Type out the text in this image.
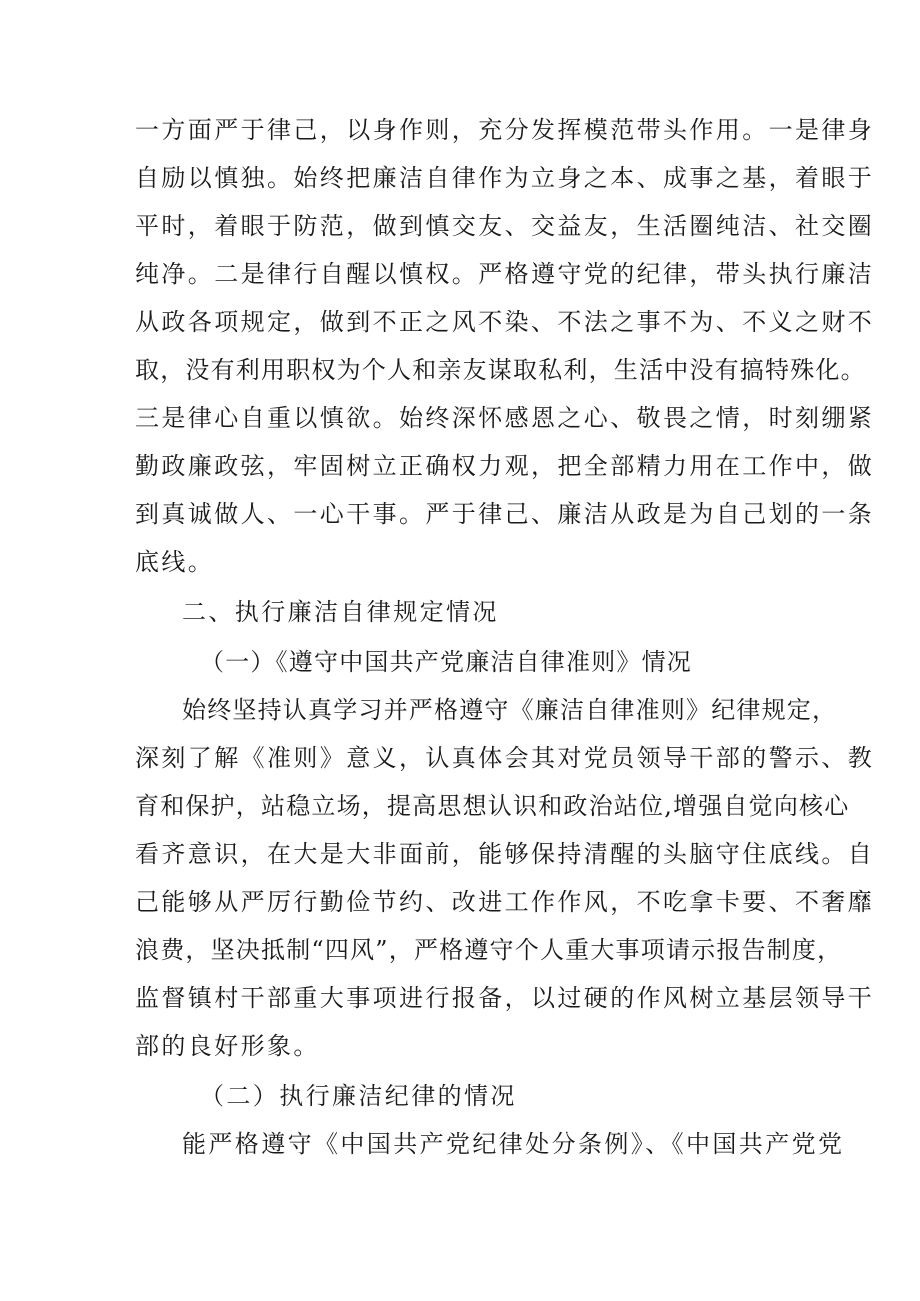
一方面严于律己，以身作则，充分发挥模范带头作用。一是律身
自励以慎独。始终把廉洁自律作为立身之本、成事之基，着眼于
平时，着眼于防范，做到慎交友、交益友，生活圈纯洁、社交圈
纯净。二是律行自醒以慎权。严格遵守党的纪律，带头执行廉洁
从政各项规定，做到不正之风不染、不法之事不为、不义之财不
取，没有利用职权为个人和亲友谋取私利，生活中没有搞特殊化。
三是律心自重以慎欲。始终深怀感恩之心、敬畏之情，时刻绷紧
勤政廉政弦，牢固树立正确权力观，把全部精力用在工作中，做
到真诚做人、一心干事。严于律己、廉洁从政是为自己划的一条
底线。
二、执行廉洁自律规定情况
（一）《遵守中国共产党廉洁自律准则》情况
始终坚持认真学习并严格遵守《廉洁自律准则》纪律规定，
深刻了解《准则》意义，认真体会其对党员领导干部的警示、教
育和保护，站稳立场，提高思想认识和政治站位,增强自觉向核心
看齐意识，在大是大非面前，能够保持清醒的头脑守住底线。自
己能够从严厉行勤俭节约、改进工作作风，不吃拿卡要、不奢靡
浪费，坚决抵制“四风”，严格遵守个人重大事项请示报告制度，
监督镇村干部重大事项进行报备，以过硬的作风树立基层领导干
部的良好形象。
（二）执行廉洁纪律的情况
能严格遵守《中国共产党纪律处分条例》、《中国共产党党
